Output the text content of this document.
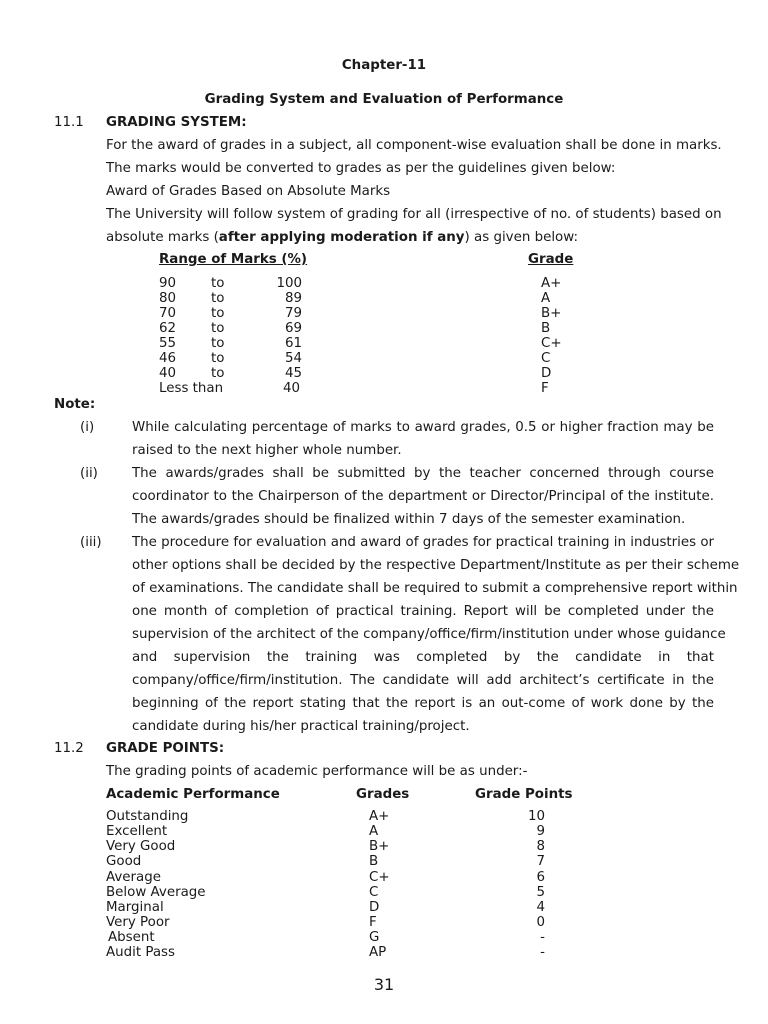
Chapter-11
Grading System and Evaluation of Performance
11.1 GRADING SYSTEM:
For the award of grades in a subject, all component-wise evaluation shall be done in marks.
The marks would be converted to grades as per the guidelines given below:
Award of Grades Based on Absolute Marks
The University will follow system of grading for all (irrespective of no. of students) based on
absolute marks (after applying moderation if any) as given below:
Range of Marks (%)	Grade
90	to	100	A+
80	to	89	A
70	to	79	B+
62	to	69	B
55	to	61	C+
46	to	54	C
40	to	45	D
Less than	40	F
Note:
(i)	While calculating percentage of marks to award grades, 0.5 or higher fraction may be
raised to the next higher whole number.
(ii)	The awards/grades shall be submitted by the teacher concerned through course
coordinator to the Chairperson of the department or Director/Principal of the institute.
The awards/grades should be finalized within 7 days of the semester examination.
(iii) The procedure for evaluation and award of grades for practical training in industries or
other options shall be decided by the respective Department/Institute as per their scheme
of examinations. The candidate shall be required to submit a comprehensive report within
one month of completion of practical training. Report will be completed under the
supervision of the architect of the company/office/firm/institution under whose guidance
and supervision the training was completed by the candidate in that
company/office/firm/institution. The candidate will add architect’s certificate in the
beginning of the report stating that the report is an out-come of work done by the
candidate during his/her practical training/project.
11.2 GRADE POINTS:
The grading points of academic performance will be as under:-
Academic Performance	Grades	Grade Points
Outstanding	A+	10
Excellent	A	9
Very Good	B+	8
Good	B	7
Average	C+	6
Below Average	C	5
Marginal	D	4
Very Poor	F	0
Absent	G	-
Audit Pass	AP	-
31
